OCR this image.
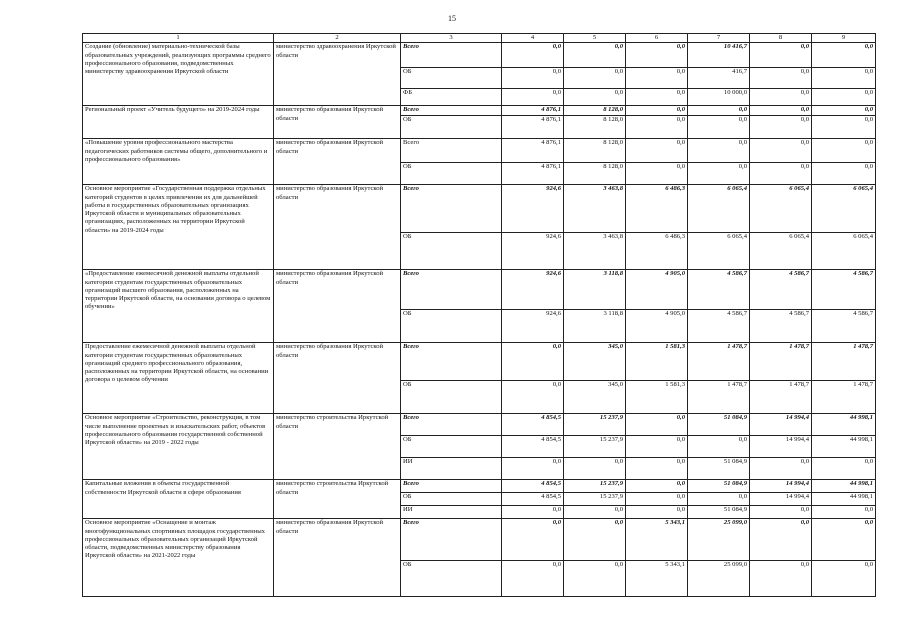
15
1	2	3	4	5	6	7	8	9
Создание (обновление) материально-технической базы образовательных учреждений, реализующих программы среднего профессионального образования, подведомственных министерству здравоохранения Иркутской области	министерство здравоохранения Иркутской области	Всего	0,0	0,0	0,0	10 416,7	0,0	0,0
		ОБ	0,0	0,0	0,0	416,7	0,0	0,0
		ФБ	0,0	0,0	0,0	10 000,0	0,0	0,0
Региональный проект «Учитель будущего» на 2019-2024 годы	министерство образования Иркутской области	Всего	4 876,1	8 128,0	0,0	0,0	0,0	0,0
		ОБ	4 876,1	8 128,0	0,0	0,0	0,0	0,0
«Повышение уровня профессионального мастерства педагогических работников системы общего, дополнительного и профессионального образования»	министерство образования Иркутской области	Всего	4 876,1	8 128,0	0,0	0,0	0,0	0,0
		ОБ	4 876,1	8 128,0	0,0	0,0	0,0	0,0
Основное мероприятие «Государственная поддержка отдельных категорий студентов в целях привлечения их для дальнейшей работы в государственных образовательных организациях Иркутской области и муниципальных образовательных организациях, расположенных на территории Иркутской области» на 2019-2024 годы	министерство образования Иркутской области	Всего	924,6	3 463,8	6 486,3	6 065,4	6 065,4	6 065,4
		ОБ	924,6	3 463,8	6 486,3	6 065,4	6 065,4	6 065,4
«Предоставление ежемесячной денежной выплаты отдельной категории студентам государственных образовательных организаций высшего образования, расположенных на территории Иркутской области, на основании договора о целевом обучении»	министерство образования Иркутской области	Всего	924,6	3 118,8	4 905,0	4 586,7	4 586,7	4 586,7
		ОБ	924,6	3 118,8	4 905,0	4 586,7	4 586,7	4 586,7
Предоставление ежемесячной денежной выплаты отдельной категории студентам государственных образовательных организаций среднего профессионального образования, расположенных на территории Иркутской области, на основании договора о целевом обучении	министерство образования Иркутской области	Всего	0,0	345,0	1 581,3	1 478,7	1 478,7	1 478,7
		ОБ	0,0	345,0	1 581,3	1 478,7	1 478,7	1 478,7
Основное мероприятие «Строительство, реконструкция, в том числе выполнение проектных и изыскательских работ, объектов профессионального образования государственной собственной Иркутской области» на 2019 - 2022 годы	министерство строительства Иркутской области	Всего	4 854,5	15 237,9	0,0	51 084,9	14 994,4	44 998,1
		ОБ	4 854,5	15 237,9	0,0	0,0	14 994,4	44 998,1
		ИИ	0,0	0,0	0,0	51 084,9	0,0	0,0
Капитальные вложения в объекты государственной собственности Иркутской области в сфере образования	министерство строительства Иркутской области	Всего	4 854,5	15 237,9	0,0	51 084,9	14 994,4	44 998,1
		ОБ	4 854,5	15 237,9	0,0	0,0	14 994,4	44 998,1
		ИИ	0,0	0,0	0,0	51 084,9	0,0	0,0
Основное мероприятие «Оснащение и монтаж многофункциональных спортивных площадок государственных профессиональных образовательных организаций Иркутской области, подведомственных министерству образования Иркутской области» на 2021-2022 годы	министерство образования Иркутской области	Всего	0,0	0,0	5 343,1	25 099,0	0,0	0,0
		ОБ	0,0	0,0	5 343,1	25 099,0	0,0	0,0
